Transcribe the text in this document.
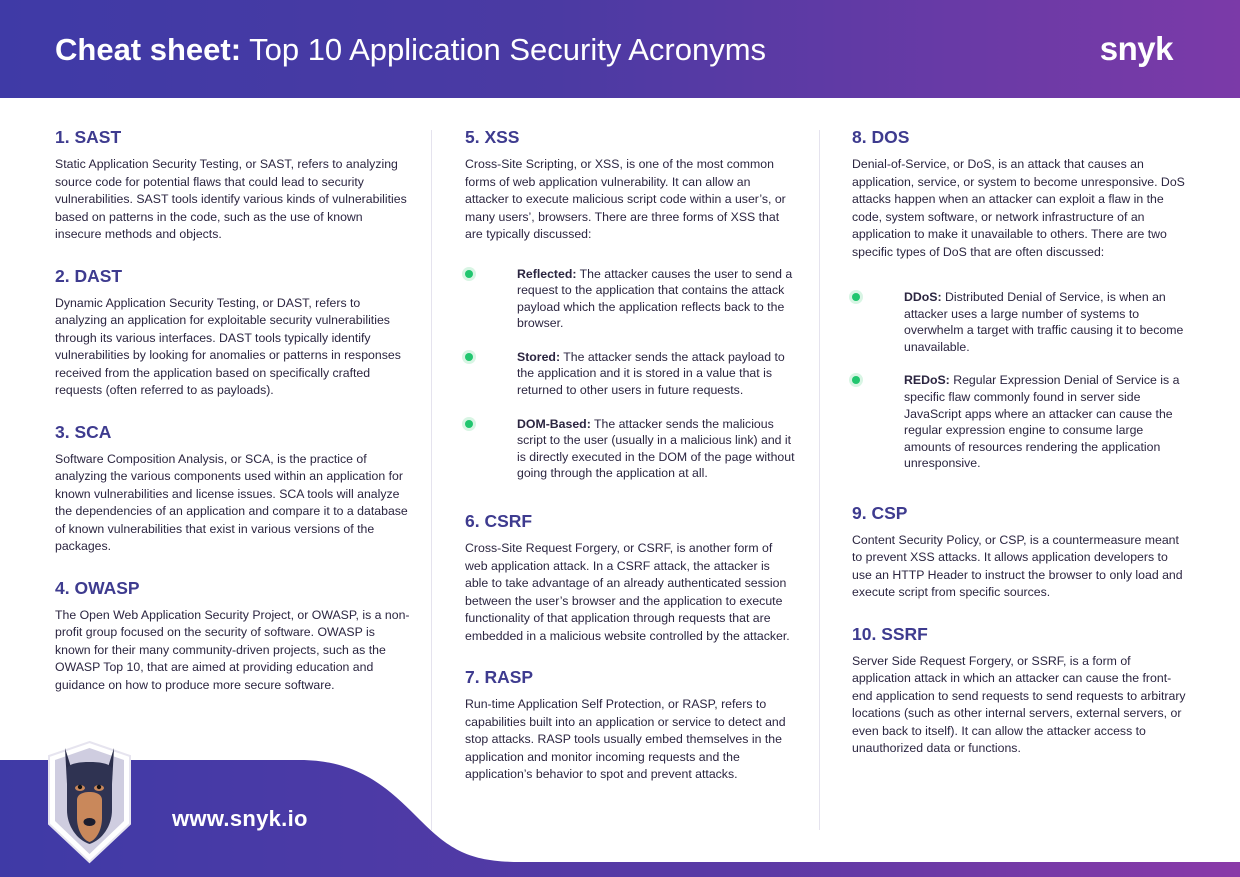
Cheat sheet: Top 10 Application Security Acronyms	snyk
1. SAST

Static Application Security Testing, or SAST, refers to analyzing source code for potential flaws that could lead to security vulnerabilities. SAST tools identify various kinds of vulnerabilities based on patterns in the code, such as the use of known insecure methods and objects.

2. DAST

Dynamic Application Security Testing, or DAST, refers to analyzing an application for exploitable security vulnerabilities through its various interfaces. DAST tools typically identify vulnerabilities by looking for anomalies or patterns in responses received from the application based on specifically crafted requests (often referred to as payloads).

3. SCA

Software Composition Analysis, or SCA, is the practice of analyzing the various components used within an application for known vulnerabilities and license issues. SCA tools will analyze the dependencies of an application and compare it to a database of known vulnerabilities that exist in various versions of the packages.

4. OWASP

The Open Web Application Security Project, or OWASP, is a non-profit group focused on the security of software. OWASP is known for their many community-driven projects, such as the OWASP Top 10, that are aimed at providing education and guidance on how to produce more secure software.

5. XSS

Cross-Site Scripting, or XSS, is one of the most common forms of web application vulnerability. It can allow an attacker to execute malicious script code within a user’s, or many users’, browsers. There are three forms of XSS that are typically discussed:

Reflected: The attacker causes the user to send a request to the application that contains the attack payload which the application reflects back to the browser.

Stored: The attacker sends the attack payload to the application and it is stored in a value that is returned to other users in future requests.

DOM-Based: The attacker sends the malicious script to the user (usually in a malicious link) and it is directly executed in the DOM of the page without going through the application at all.

6. CSRF

Cross-Site Request Forgery, or CSRF, is another form of web application attack. In a CSRF attack, the attacker is able to take advantage of an already authenticated session between the user’s browser and the application to execute functionality of that application through requests that are embedded in a malicious website controlled by the attacker.

7. RASP

Run-time Application Self Protection, or RASP, refers to capabilities built into an application or service to detect and stop attacks. RASP tools usually embed themselves in the application and monitor incoming requests and the application’s behavior to spot and prevent attacks.

8. DOS

Denial-of-Service, or DoS, is an attack that causes an application, service, or system to become unresponsive. DoS attacks happen when an attacker can exploit a flaw in the code, system software, or network infrastructure of an application to make it unavailable to others. There are two specific types of DoS that are often discussed:

DDoS: Distributed Denial of Service, is when an attacker uses a large number of systems to overwhelm a target with traffic causing it to become unavailable.

REDoS: Regular Expression Denial of Service is a specific flaw commonly found in server side JavaScript apps where an attacker can cause the regular expression engine to consume large amounts of resources rendering the application unresponsive.

9. CSP

Content Security Policy, or CSP, is a countermeasure meant to prevent XSS attacks. It allows application developers to use an HTTP Header to instruct the browser to only load and execute script from specific sources.

10. SSRF

Server Side Request Forgery, or SSRF, is a form of application attack in which an attacker can cause the front-end application to send requests to send requests to arbitrary locations (such as other internal servers, external servers, or even back to itself). It can allow the attacker access to unauthorized data or functions.

www.snyk.io
